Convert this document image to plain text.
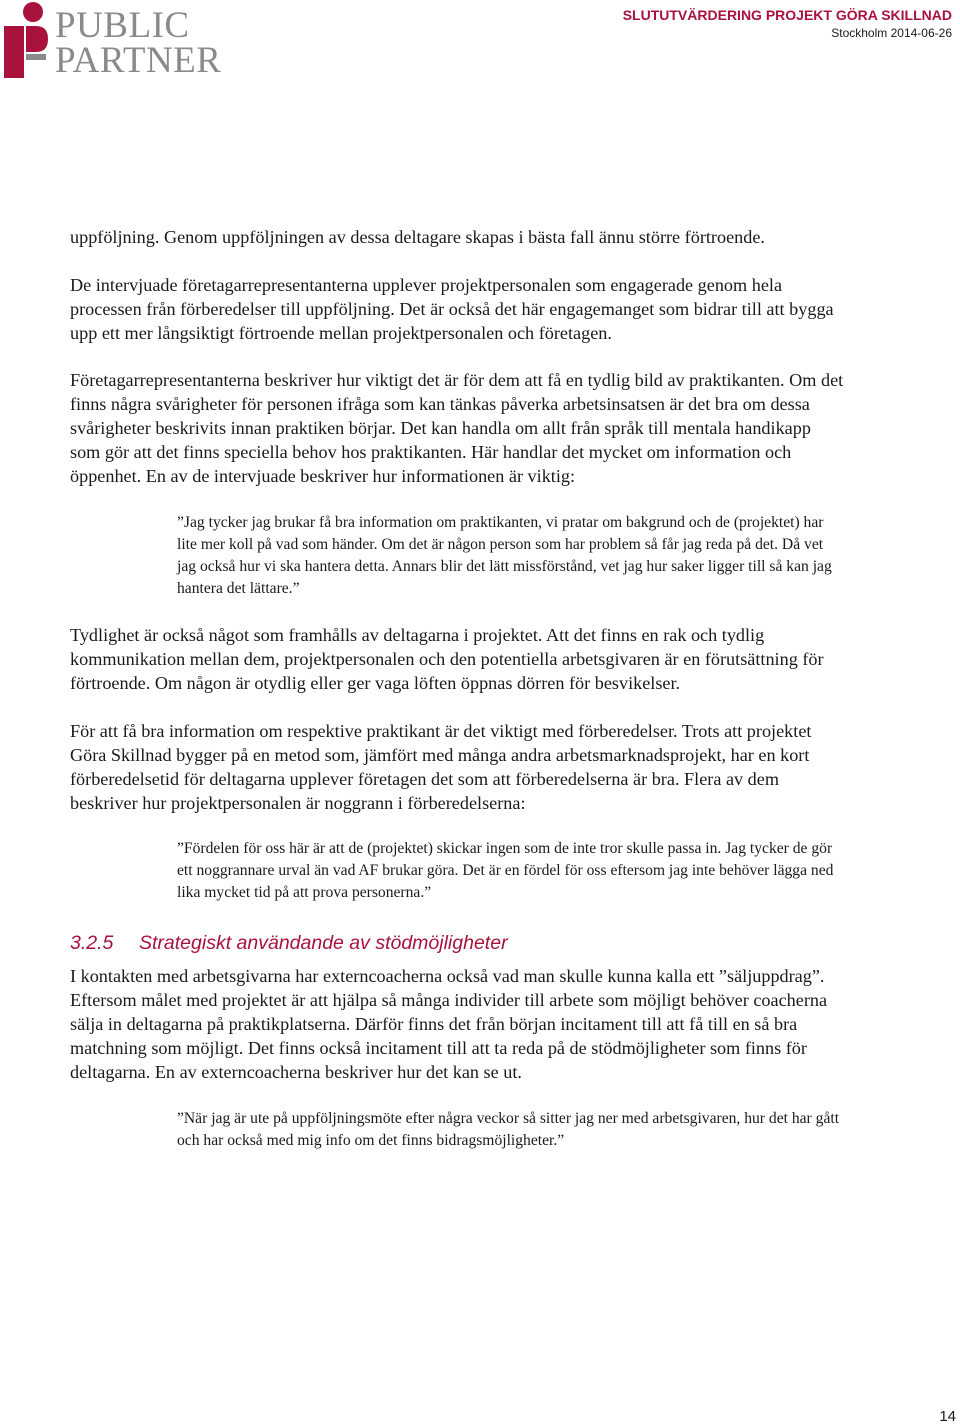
PUBLIC
PARTNER
SLUTUTVÄRDERING PROJEKT GÖRA SKILLNAD
Stockholm 2014-06-26

uppföljning. Genom uppföljningen av dessa deltagare skapas i bästa fall ännu större förtroende.

De intervjuade företagarrepresentanterna upplever projektpersonalen som engagerade genom hela processen från förberedelser till uppföljning. Det är också det här engagemanget som bidrar till att bygga upp ett mer långsiktigt förtroende mellan projektpersonalen och företagen.

Företagarrepresentanterna beskriver hur viktigt det är för dem att få en tydlig bild av praktikanten. Om det finns några svårigheter för personen ifråga som kan tänkas påverka arbetsinsatsen är det bra om dessa svårigheter beskrivits innan praktiken börjar. Det kan handla om allt från språk till mentala handikapp som gör att det finns speciella behov hos praktikanten. Här handlar det mycket om information och öppenhet. En av de intervjuade beskriver hur informationen är viktig:

”Jag tycker jag brukar få bra information om praktikanten, vi pratar om bakgrund och de (projektet) har lite mer koll på vad som händer. Om det är någon person som har problem så får jag reda på det. Då vet jag också hur vi ska hantera detta. Annars blir det lätt missförstånd, vet jag hur saker ligger till så kan jag hantera det lättare.”

Tydlighet är också något som framhålls av deltagarna i projektet. Att det finns en rak och tydlig kommunikation mellan dem, projektpersonalen och den potentiella arbetsgivaren är en förutsättning för förtroende. Om någon är otydlig eller ger vaga löften öppnas dörren för besvikelser.

För att få bra information om respektive praktikant är det viktigt med förberedelser. Trots att projektet Göra Skillnad bygger på en metod som, jämfört med många andra arbetsmarknadsprojekt, har en kort förberedelsetid för deltagarna upplever företagen det som att förberedelserna är bra. Flera av dem beskriver hur projektpersonalen är noggrann i förberedelserna:

”Fördelen för oss här är att de (projektet) skickar ingen som de inte tror skulle passa in. Jag tycker de gör ett noggrannare urval än vad AF brukar göra. Det är en fördel för oss eftersom jag inte behöver lägga ned lika mycket tid på att prova personerna.”
3.2.5 Strategiskt användande av stödmöjligheter

I kontakten med arbetsgivarna har externcoacherna också vad man skulle kunna kalla ett ”säljuppdrag”. Eftersom målet med projektet är att hjälpa så många individer till arbete som möjligt behöver coacherna sälja in deltagarna på praktikplatserna. Därför finns det från början incitament till att få till en så bra matchning som möjligt. Det finns också incitament till att ta reda på de stödmöjligheter som finns för deltagarna. En av externcoacherna beskriver hur det kan se ut.

”När jag är ute på uppföljningsmöte efter några veckor så sitter jag ner med arbetsgivaren, hur det har gått och har också med mig info om det finns bidragsmöjligheter.”
14
